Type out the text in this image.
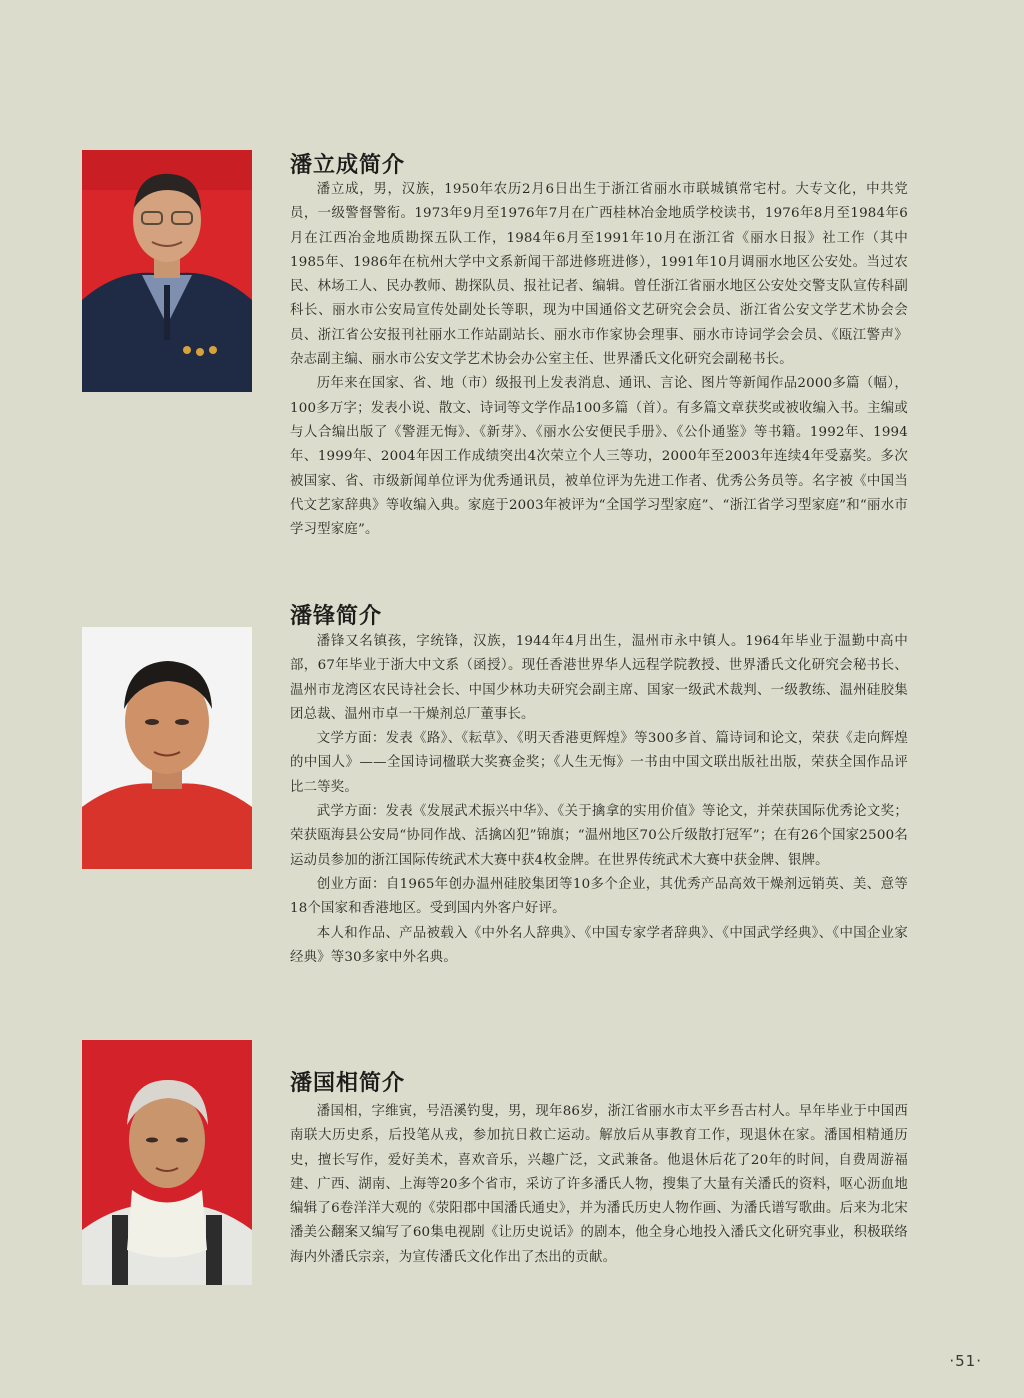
潘立成简介

潘立成，男，汉族，1950年农历2月6日出生于浙江省丽水市联城镇常宅村。大专文化，中共党员，一级警督警衔。1973年9月至1976年7月在广西桂林冶金地质学校读书，1976年8月至1984年6月在江西冶金地质勘探五队工作，1984年6月至1991年10月在浙江省《丽水日报》社工作（其中1985年、1986年在杭州大学中文系新闻干部进修班进修），1991年10月调丽水地区公安处。当过农民、林场工人、民办教师、勘探队员、报社记者、编辑。曾任浙江省丽水地区公安处交警支队宣传科副科长、丽水市公安局宣传处副处长等职，现为中国通俗文艺研究会会员、浙江省公安文学艺术协会会员、浙江省公安报刊社丽水工作站副站长、丽水市作家协会理事、丽水市诗词学会会员、《瓯江警声》杂志副主编、丽水市公安文学艺术协会办公室主任、世界潘氏文化研究会副秘书长。

历年来在国家、省、地（市）级报刊上发表消息、通讯、言论、图片等新闻作品2000多篇（幅），100多万字；发表小说、散文、诗词等文学作品100多篇（首）。有多篇文章获奖或被收编入书。主编或与人合编出版了《警涯无悔》、《新芽》、《丽水公安便民手册》、《公仆通鉴》等书籍。1992年、1994年、1999年、2004年因工作成绩突出4次荣立个人三等功，2000年至2003年连续4年受嘉奖。多次被国家、省、市级新闻单位评为优秀通讯员，被单位评为先进工作者、优秀公务员等。名字被《中国当代文艺家辞典》等收编入典。家庭于2003年被评为“全国学习型家庭”、“浙江省学习型家庭”和“丽水市学习型家庭”。

潘锋简介

潘锋又名镇孩，字统锋，汉族，1944年4月出生，温州市永中镇人。1964年毕业于温勤中高中部，67年毕业于浙大中文系（函授）。现任香港世界华人远程学院教授、世界潘氏文化研究会秘书长、温州市龙湾区农民诗社会长、中国少林功夫研究会副主席、国家一级武术裁判、一级教练、温州硅胶集团总裁、温州市卓一干燥剂总厂董事长。

文学方面：发表《路》、《耘草》、《明天香港更辉煌》等300多首、篇诗词和论文，荣获《走向辉煌的中国人》——全国诗词楹联大奖赛金奖；《人生无悔》一书由中国文联出版社出版，荣获全国作品评比二等奖。

武学方面：发表《发展武术振兴中华》、《关于擒拿的实用价值》等论文，并荣获国际优秀论文奖；荣获瓯海县公安局“协同作战、活擒凶犯”锦旗；“温州地区70公斤级散打冠军”；在有26个国家2500名运动员参加的浙江国际传统武术大赛中获4枚金牌。在世界传统武术大赛中获金牌、银牌。

创业方面：自1965年创办温州硅胶集团等10多个企业，其优秀产品高效干燥剂远销英、美、意等18个国家和香港地区。受到国内外客户好评。

本人和作品、产品被载入《中外名人辞典》、《中国专家学者辞典》、《中国武学经典》、《中国企业家经典》等30多家中外名典。

潘国相简介

潘国相，字维寅，号浯溪钓叟，男，现年86岁，浙江省丽水市太平乡吾古村人。早年毕业于中国西南联大历史系，后投笔从戎，参加抗日救亡运动。解放后从事教育工作，现退休在家。潘国相精通历史，擅长写作，爱好美术，喜欢音乐，兴趣广泛，文武兼备。他退休后花了20年的时间，自费周游福建、广西、湖南、上海等20多个省市，采访了许多潘氏人物，搜集了大量有关潘氏的资料，呕心沥血地编辑了6卷洋洋大观的《荥阳郡中国潘氏通史》，并为潘氏历史人物作画、为潘氏谱写歌曲。后来为北宋潘美公翻案又编写了60集电视剧《让历史说话》的剧本，他全身心地投入潘氏文化研究事业，积极联络海内外潘氏宗亲，为宣传潘氏文化作出了杰出的贡献。

·51·
